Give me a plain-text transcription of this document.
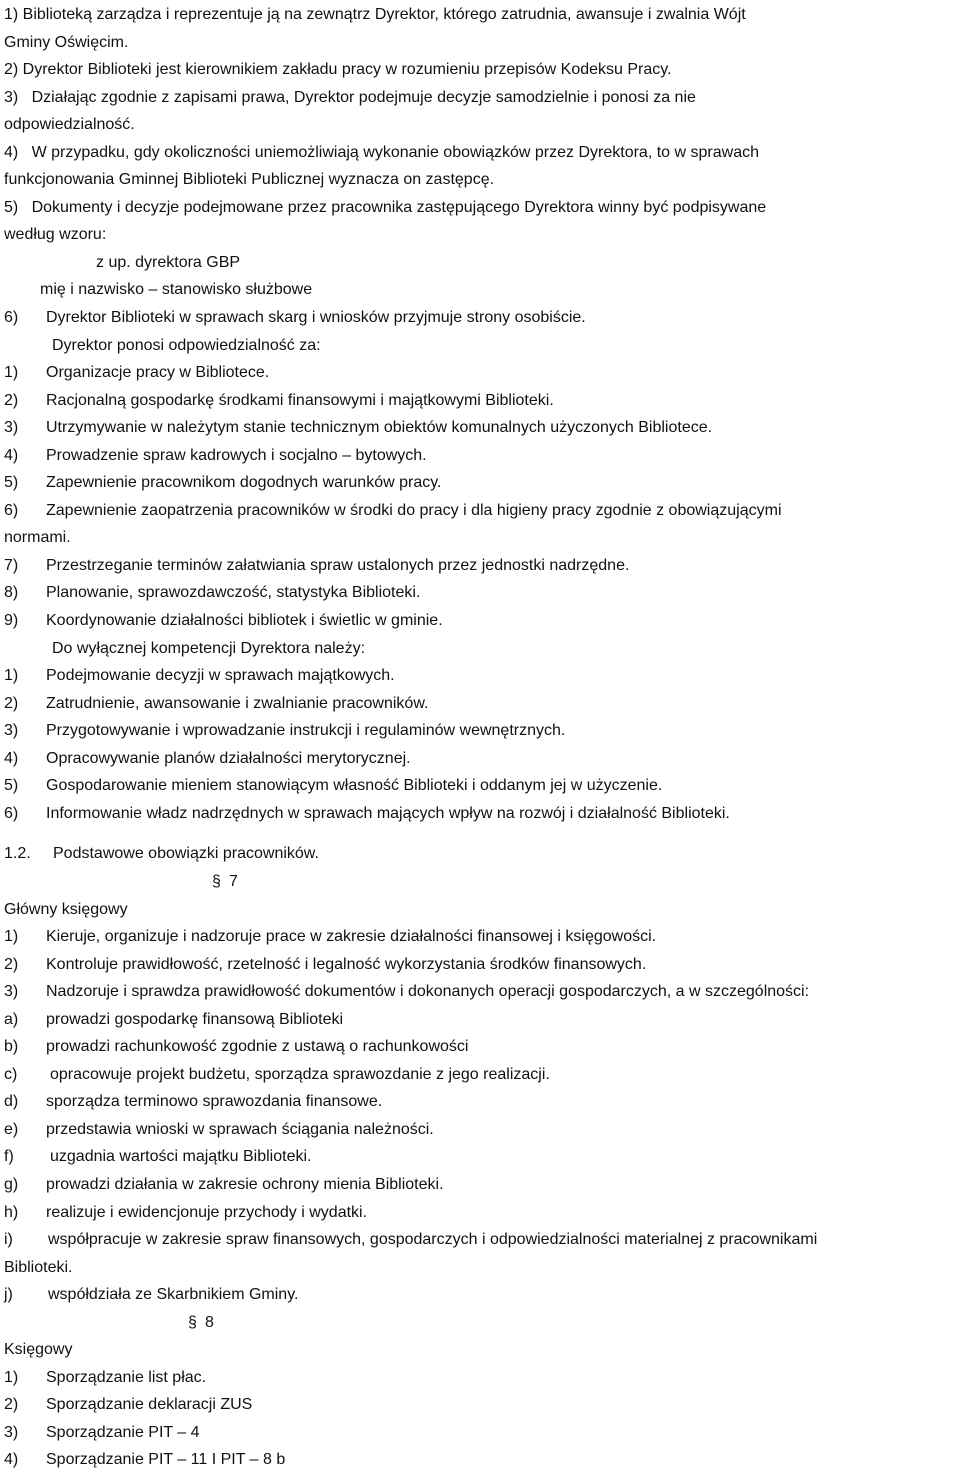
1) Biblioteką zarządza i reprezentuje ją na zewnątrz Dyrektor, którego zatrudnia, awansuje i zwalnia Wójt
Gminy Oświęcim.
2) Dyrektor Biblioteki jest kierownikiem zakładu pracy w rozumieniu przepisów Kodeksu Pracy.
3)   Działając zgodnie z zapisami prawa, Dyrektor podejmuje decyzje samodzielnie i ponosi za nie
odpowiedzialność.
4)   W przypadku, gdy okoliczności uniemożliwiają wykonanie obowiązków przez Dyrektora, to w sprawach
funkcjonowania Gminnej Biblioteki Publicznej wyznacza on zastępcę.
5)   Dokumenty i decyzje podejmowane przez pracownika zastępującego Dyrektora winny być podpisywane
według wzoru:
z up. dyrektora GBP
mię i nazwisko – stanowisko służbowe
6) Dyrektor Biblioteki w sprawach skarg i wniosków przyjmuje strony osobiście.
Dyrektor ponosi odpowiedzialność za:
1) Organizacje pracy w Bibliotece.
2) Racjonalną gospodarkę środkami finansowymi i majątkowymi Biblioteki.
3) Utrzymywanie w należytym stanie technicznym obiektów komunalnych użyczonych Bibliotece.
4) Prowadzenie spraw kadrowych i socjalno – bytowych.
5) Zapewnienie pracownikom dogodnych warunków pracy.
6) Zapewnienie zaopatrzenia pracowników w środki do pracy i dla higieny pracy zgodnie z obowiązującymi
normami.
7) Przestrzeganie terminów załatwiania spraw ustalonych przez jednostki nadrzędne.
8) Planowanie, sprawozdawczość, statystyka Biblioteki.
9) Koordynowanie działalności bibliotek i świetlic w gminie.
Do wyłącznej kompetencji Dyrektora należy:
1) Podejmowanie decyzji w sprawach majątkowych.
2) Zatrudnienie, awansowanie i zwalnianie pracowników.
3) Przygotowywanie i wprowadzanie instrukcji i regulaminów wewnętrznych.
4) Opracowywanie planów działalności merytorycznej.
5) Gospodarowanie mieniem stanowiącym własność Biblioteki i oddanym jej w użyczenie.
6) Informowanie władz nadrzędnych w sprawach mających wpływ na rozwój i działalność Biblioteki.
1.2. Podstawowe obowiązki pracowników.
§ 7
Główny księgowy
1) Kieruje, organizuje i nadzoruje prace w zakresie działalności finansowej i księgowości.
2) Kontroluje prawidłowość, rzetelność i legalność wykorzystania środków finansowych.
3) Nadzoruje i sprawdza prawidłowość dokumentów i dokonanych operacji gospodarczych, a w szczególności:
a) prowadzi gospodarkę finansową Biblioteki
b) prowadzi rachunkowość zgodnie z ustawą o rachunkowości
c) opracowuje projekt budżetu, sporządza sprawozdanie z jego realizacji.
d) sporządza terminowo sprawozdania finansowe.
e) przedstawia wnioski w sprawach ściągania należności.
f) uzgadnia wartości majątku Biblioteki.
g) prowadzi działania w zakresie ochrony mienia Biblioteki.
h) realizuje i ewidencjonuje przychody i wydatki.
i) współpracuje w zakresie spraw finansowych, gospodarczych i odpowiedzialności materialnej z pracownikami
Biblioteki.
j) współdziała ze Skarbnikiem Gminy.
§ 8
Księgowy
1) Sporządzanie list płac.
2) Sporządzanie deklaracji ZUS
3) Sporządzanie PIT – 4
4) Sporządzanie PIT – 11 I PIT – 8 b
